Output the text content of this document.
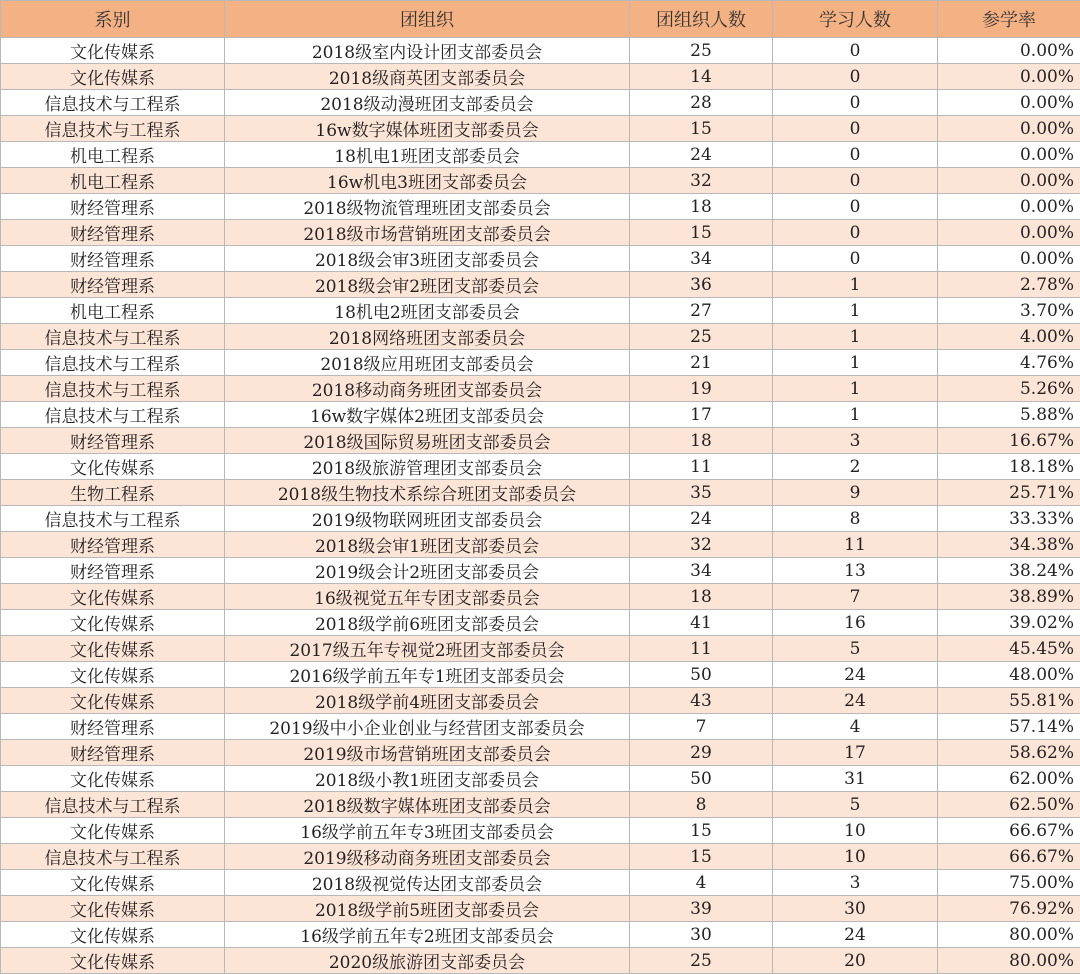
系别	团组织	团组织人数	学习人数	参学率
文化传媒系	2018级室内设计团支部委员会	25	0	0.00%
文化传媒系	2018级商英团支部委员会	14	0	0.00%
信息技术与工程系	2018级动漫班团支部委员会	28	0	0.00%
信息技术与工程系	16w数字媒体班团支部委员会	15	0	0.00%
机电工程系	18机电1班团支部委员会	24	0	0.00%
机电工程系	16w机电3班团支部委员会	32	0	0.00%
财经管理系	2018级物流管理班团支部委员会	18	0	0.00%
财经管理系	2018级市场营销班团支部委员会	15	0	0.00%
财经管理系	2018级会审3班团支部委员会	34	0	0.00%
财经管理系	2018级会审2班团支部委员会	36	1	2.78%
机电工程系	18机电2班团支部委员会	27	1	3.70%
信息技术与工程系	2018网络班团支部委员会	25	1	4.00%
信息技术与工程系	2018级应用班团支部委员会	21	1	4.76%
信息技术与工程系	2018移动商务班团支部委员会	19	1	5.26%
信息技术与工程系	16w数字媒体2班团支部委员会	17	1	5.88%
财经管理系	2018级国际贸易班团支部委员会	18	3	16.67%
文化传媒系	2018级旅游管理团支部委员会	11	2	18.18%
生物工程系	2018级生物技术系综合班团支部委员会	35	9	25.71%
信息技术与工程系	2019级物联网班团支部委员会	24	8	33.33%
财经管理系	2018级会审1班团支部委员会	32	11	34.38%
财经管理系	2019级会计2班团支部委员会	34	13	38.24%
文化传媒系	16级视觉五年专团支部委员会	18	7	38.89%
文化传媒系	2018级学前6班团支部委员会	41	16	39.02%
文化传媒系	2017级五年专视觉2班团支部委员会	11	5	45.45%
文化传媒系	2016级学前五年专1班团支部委员会	50	24	48.00%
文化传媒系	2018级学前4班团支部委员会	43	24	55.81%
财经管理系	2019级中小企业创业与经营团支部委员会	7	4	57.14%
财经管理系	2019级市场营销班团支部委员会	29	17	58.62%
文化传媒系	2018级小教1班团支部委员会	50	31	62.00%
信息技术与工程系	2018级数字媒体班团支部委员会	8	5	62.50%
文化传媒系	16级学前五年专3班团支部委员会	15	10	66.67%
信息技术与工程系	2019级移动商务班团支部委员会	15	10	66.67%
文化传媒系	2018级视觉传达团支部委员会	4	3	75.00%
文化传媒系	2018级学前5班团支部委员会	39	30	76.92%
文化传媒系	16级学前五年专2班团支部委员会	30	24	80.00%
文化传媒系	2020级旅游团支部委员会	25	20	80.00%
